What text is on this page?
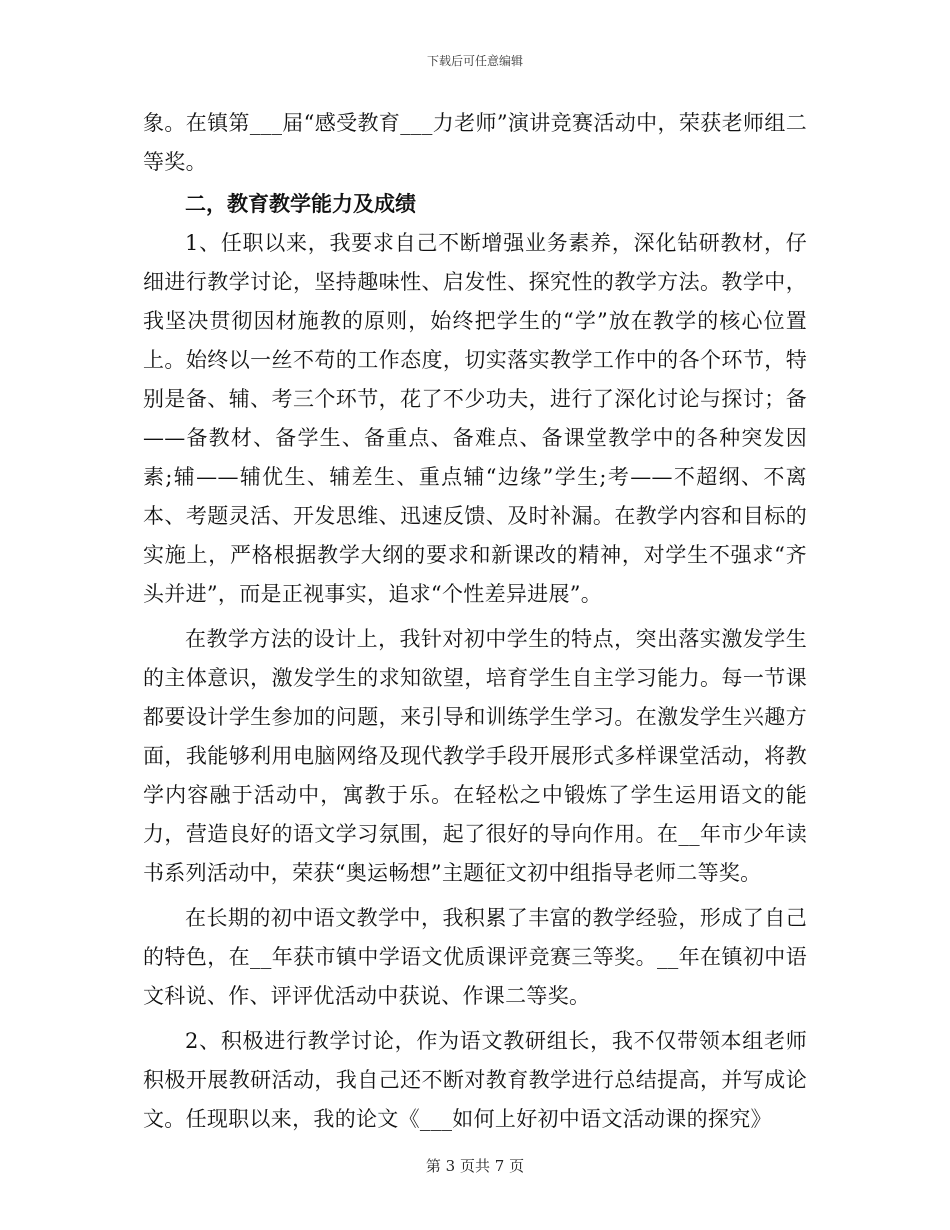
下载后可任意编辑

象。在镇第___届“感受教育___力老师”演讲竞赛活动中，荣获老师组二等奖。

二，教育教学能力及成绩

1、任职以来，我要求自己不断增强业务素养，深化钻研教材，仔细进行教学讨论，坚持趣味性、启发性、探究性的教学方法。教学中，我坚决贯彻因材施教的原则，始终把学生的“学”放在教学的核心位置上。始终以一丝不苟的工作态度，切实落实教学工作中的各个环节，特别是备、辅、考三个环节，花了不少功夫，进行了深化讨论与探讨；备——备教材、备学生、备重点、备难点、备课堂教学中的各种突发因素;辅——辅优生、辅差生、重点辅“边缘”学生;考——不超纲、不离本、考题灵活、开发思维、迅速反馈、及时补漏。在教学内容和目标的实施上，严格根据教学大纲的要求和新课改的精神，对学生不强求“齐头并进”，而是正视事实，追求“个性差异进展”。

在教学方法的设计上，我针对初中学生的特点，突出落实激发学生的主体意识，激发学生的求知欲望，培育学生自主学习能力。每一节课都要设计学生参加的问题，来引导和训练学生学习。在激发学生兴趣方面，我能够利用电脑网络及现代教学手段开展形式多样课堂活动，将教学内容融于活动中，寓教于乐。在轻松之中锻炼了学生运用语文的能力，营造良好的语文学习氛围，起了很好的导向作用。在__年市少年读书系列活动中，荣获“奥运畅想”主题征文初中组指导老师二等奖。

在长期的初中语文教学中，我积累了丰富的教学经验，形成了自己的特色，在__年获市镇中学语文优质课评竞赛三等奖。__年在镇初中语文科说、作、评评优活动中获说、作课二等奖。

2、积极进行教学讨论，作为语文教研组长，我不仅带领本组老师积极开展教研活动，我自己还不断对教育教学进行总结提高，并写成论文。任现职以来，我的论文《___如何上好初中语文活动课的探究》

第 3 页共 7 页
